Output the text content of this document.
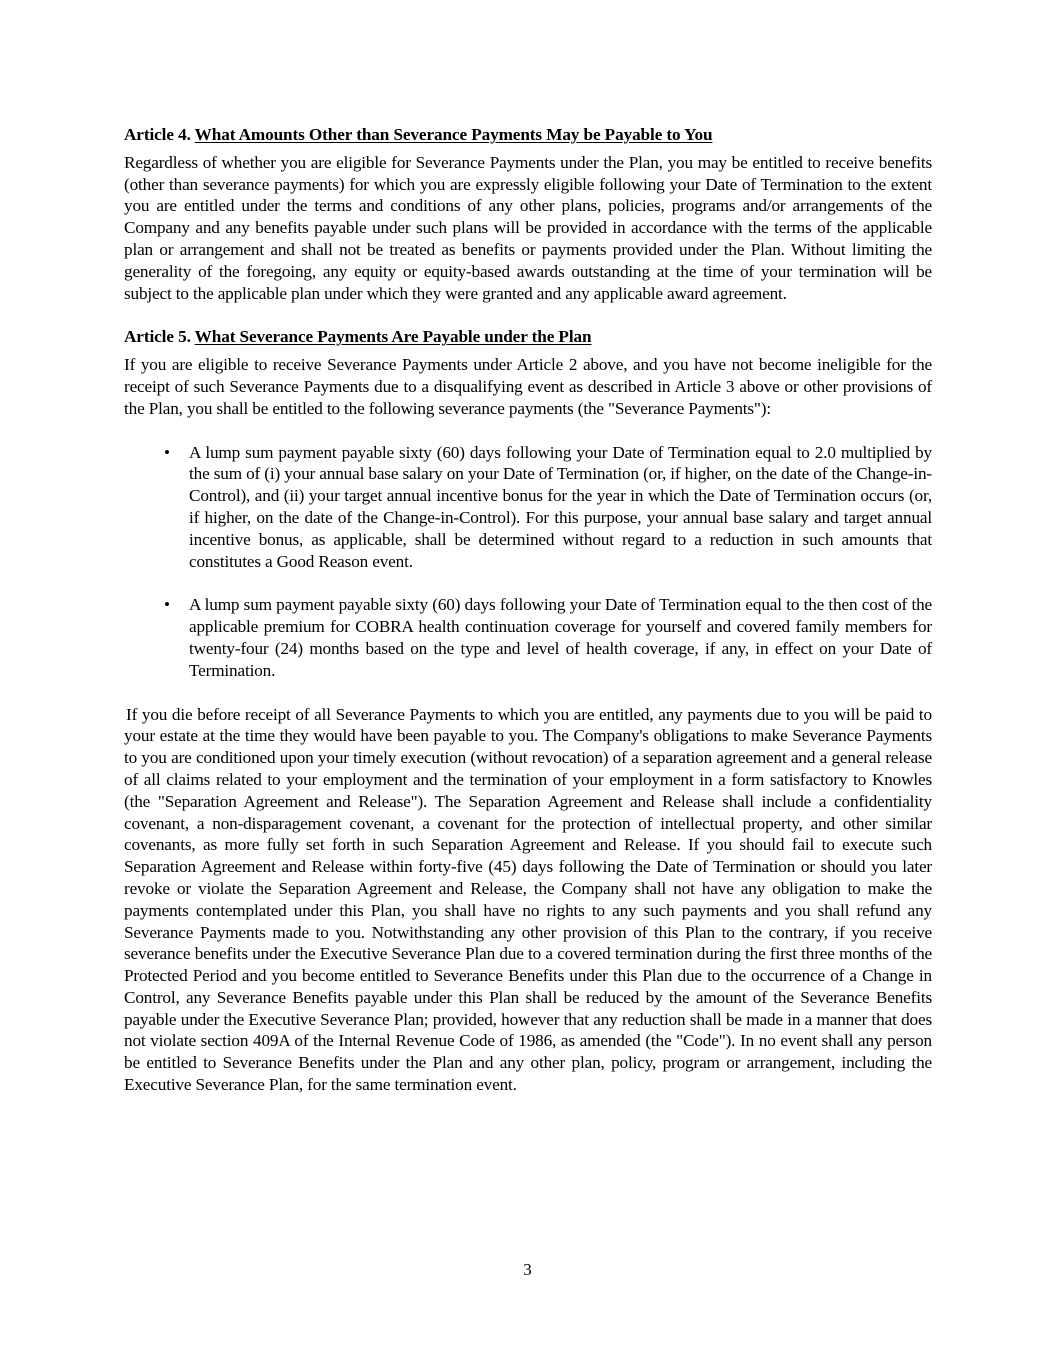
Article 4. What Amounts Other than Severance Payments May be Payable to You

Regardless of whether you are eligible for Severance Payments under the Plan, you may be entitled to receive benefits (other than severance payments) for which you are expressly eligible following your Date of Termination to the extent you are entitled under the terms and conditions of any other plans, policies, programs and/or arrangements of the Company and any benefits payable under such plans will be provided in accordance with the terms of the applicable plan or arrangement and shall not be treated as benefits or payments provided under the Plan. Without limiting the generality of the foregoing, any equity or equity-based awards outstanding at the time of your termination will be subject to the applicable plan under which they were granted and any applicable award agreement.

Article 5. What Severance Payments Are Payable under the Plan

If you are eligible to receive Severance Payments under Article 2 above, and you have not become ineligible for the receipt of such Severance Payments due to a disqualifying event as described in Article 3 above or other provisions of the Plan, you shall be entitled to the following severance payments (the "Severance Payments"):

• A lump sum payment payable sixty (60) days following your Date of Termination equal to 2.0 multiplied by the sum of (i) your annual base salary on your Date of Termination (or, if higher, on the date of the Change-in-Control), and (ii) your target annual incentive bonus for the year in which the Date of Termination occurs (or, if higher, on the date of the Change-in-Control). For this purpose, your annual base salary and target annual incentive bonus, as applicable, shall be determined without regard to a reduction in such amounts that constitutes a Good Reason event.
• A lump sum payment payable sixty (60) days following your Date of Termination equal to the then cost of the applicable premium for COBRA health continuation coverage for yourself and covered family members for twenty-four (24) months based on the type and level of health coverage, if any, in effect on your Date of Termination.

If you die before receipt of all Severance Payments to which you are entitled, any payments due to you will be paid to your estate at the time they would have been payable to you. The Company's obligations to make Severance Payments to you are conditioned upon your timely execution (without revocation) of a separation agreement and a general release of all claims related to your employment and the termination of your employment in a form satisfactory to Knowles (the "Separation Agreement and Release"). The Separation Agreement and Release shall include a confidentiality covenant, a non-disparagement covenant, a covenant for the protection of intellectual property, and other similar covenants, as more fully set forth in such Separation Agreement and Release. If you should fail to execute such Separation Agreement and Release within forty-five (45) days following the Date of Termination or should you later revoke or violate the Separation Agreement and Release, the Company shall not have any obligation to make the payments contemplated under this Plan, you shall have no rights to any such payments and you shall refund any Severance Payments made to you. Notwithstanding any other provision of this Plan to the contrary, if you receive severance benefits under the Executive Severance Plan due to a covered termination during the first three months of the Protected Period and you become entitled to Severance Benefits under this Plan due to the occurrence of a Change in Control, any Severance Benefits payable under this Plan shall be reduced by the amount of the Severance Benefits payable under the Executive Severance Plan; provided, however that any reduction shall be made in a manner that does not violate section 409A of the Internal Revenue Code of 1986, as amended (the "Code"). In no event shall any person be entitled to Severance Benefits under the Plan and any other plan, policy, program or arrangement, including the Executive Severance Plan, for the same termination event.

3
